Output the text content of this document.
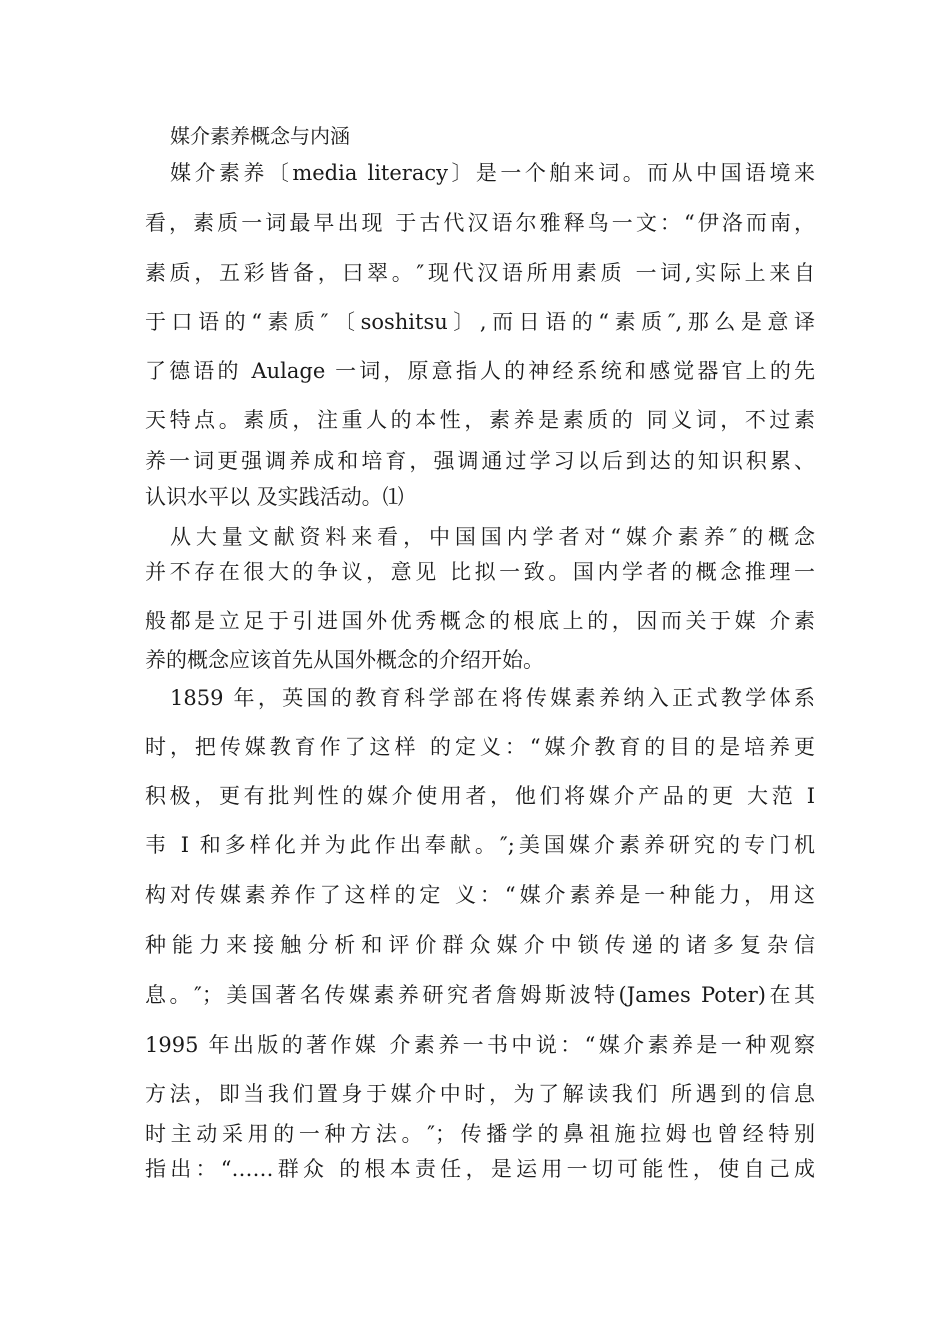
媒介素养概念与内涵
媒介素养〔media literacy〕是一个舶来词。而从中国语境来
看，素质一词最早出现 于古代汉语尔雅释鸟一文：“伊洛而南，
素质，五彩皆备，曰翠。″现代汉语所用素质 一词,实际上来自
于口语的“素质″〔soshitsu〕,而日语的“素质″,那么是意译
了德语的 Aulage 一词，原意指人的神经系统和感觉器官上的先
天特点。素质，注重人的本性，素养是素质的 同义词，不过素
养一词更强调养成和培育，强调通过学习以后到达的知识积累、
认识水平以 及实践活动。⑴
从大量文献资料来看，中国国内学者对“媒介素养″的概念
并不存在很大的争议，意见 比拟一致。国内学者的概念推理一
般都是立足于引进国外优秀概念的根底上的，因而关于媒 介素
养的概念应该首先从国外概念的介绍开始。
1859 年，英国的教育科学部在将传媒素养纳入正式教学体系
时，把传媒教育作了这样 的定义：“媒介教育的目的是培养更
积极，更有批判性的媒介使用者，他们将媒介产品的更 大范 I
韦 I 和多样化并为此作出奉献。″;美国媒介素养研究的专门机
构对传媒素养作了这样的定 义：“媒介素养是一种能力，用这
种能力来接触分析和评价群众媒介中锁传递的诸多复杂信
息。″；美国著名传媒素养研究者詹姆斯波特(James Poter)在其
1995 年出版的著作媒 介素养一书中说：“媒介素养是一种观察
方法，即当我们置身于媒介中时，为了解读我们 所遇到的信息
时主动采用的一种方法。″；传播学的鼻祖施拉姆也曾经特别
指出：“……群众 的根本责任，是运用一切可能性，使自己成
